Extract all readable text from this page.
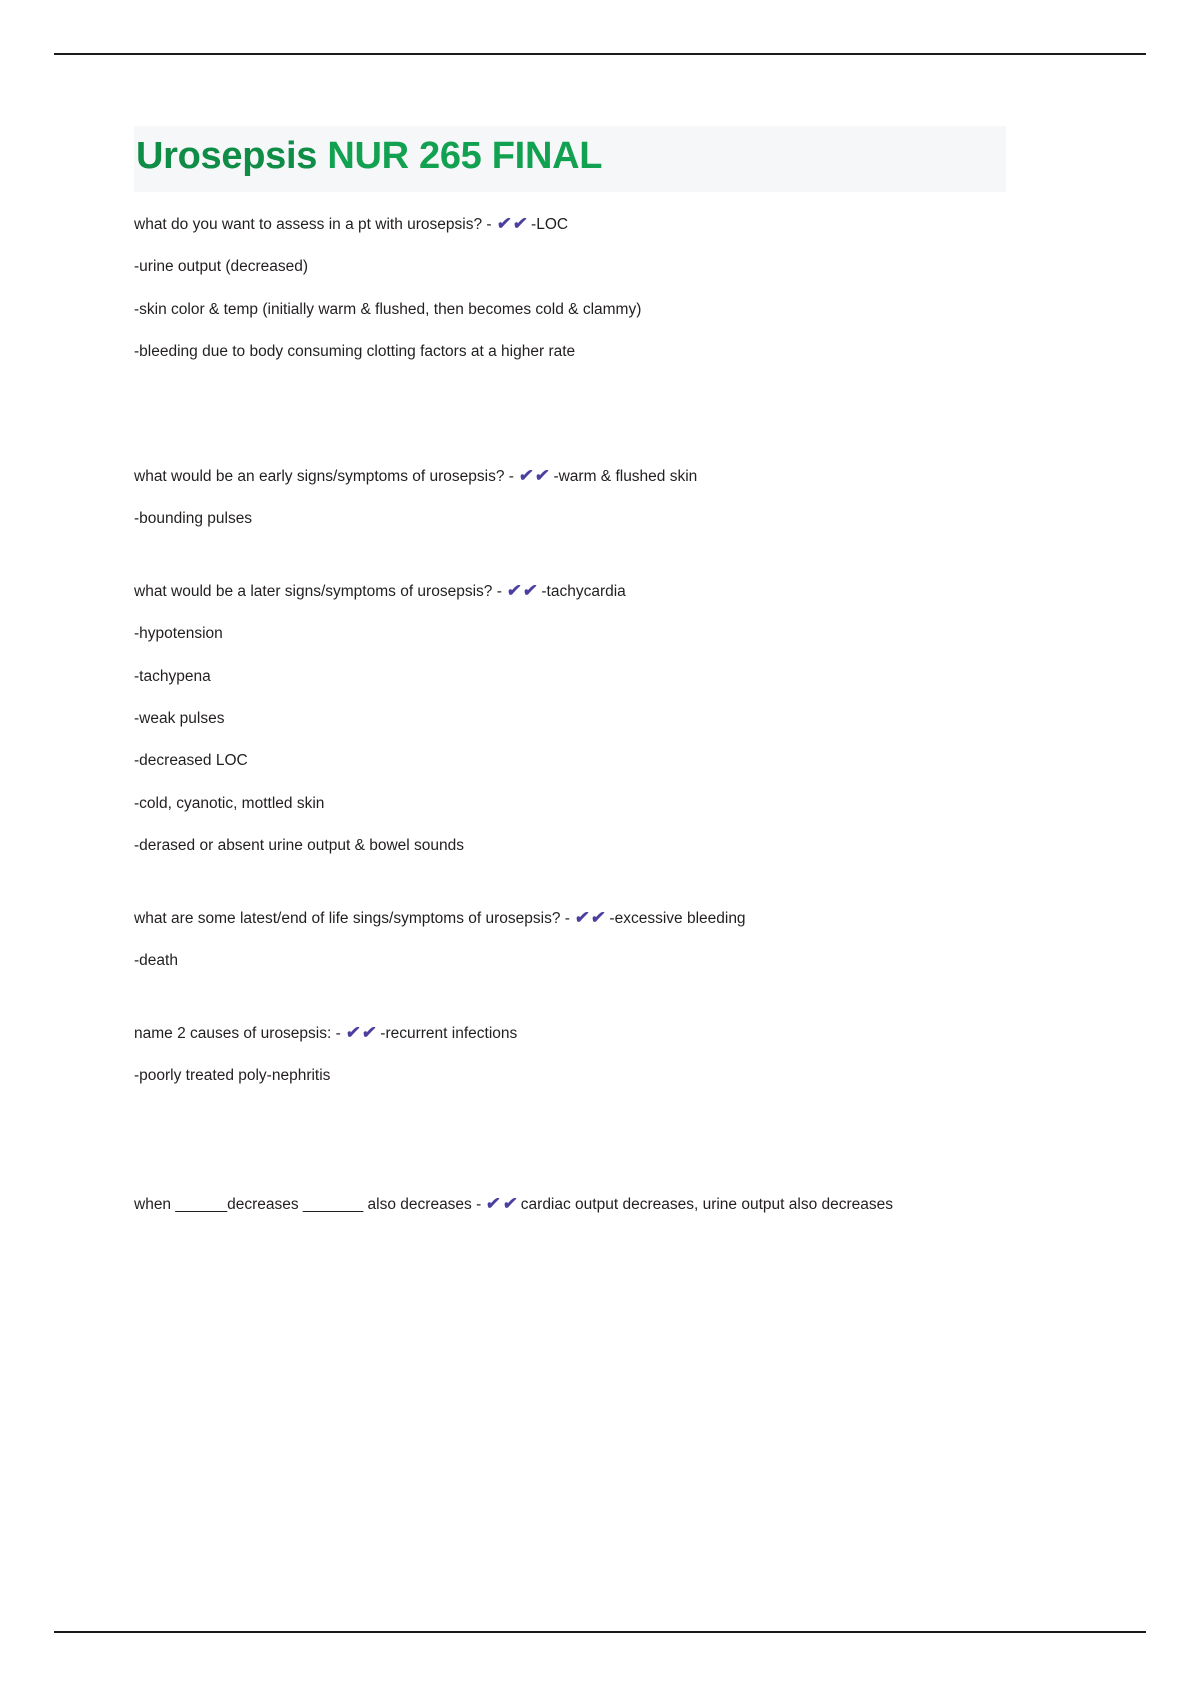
Urosepsis NUR 265 FINAL

what do you want to assess in a pt with urosepsis? - ✔✔ -LOC

-urine output (decreased)

-skin color & temp (initially warm & flushed, then becomes cold & clammy)

-bleeding due to body consuming clotting factors at a higher rate

what would be an early signs/symptoms of urosepsis? - ✔✔ -warm & flushed skin

-bounding pulses

what would be a later signs/symptoms of urosepsis? - ✔✔ -tachycardia

-hypotension

-tachypena

-weak pulses

-decreased LOC

-cold, cyanotic, mottled skin

-derased or absent urine output & bowel sounds

what are some latest/end of life sings/symptoms of urosepsis? - ✔✔ -excessive bleeding

-death

name 2 causes of urosepsis: - ✔✔ -recurrent infections

-poorly treated poly-nephritis

when ______decreases _______ also decreases - ✔✔ cardiac output decreases, urine output also decreases
